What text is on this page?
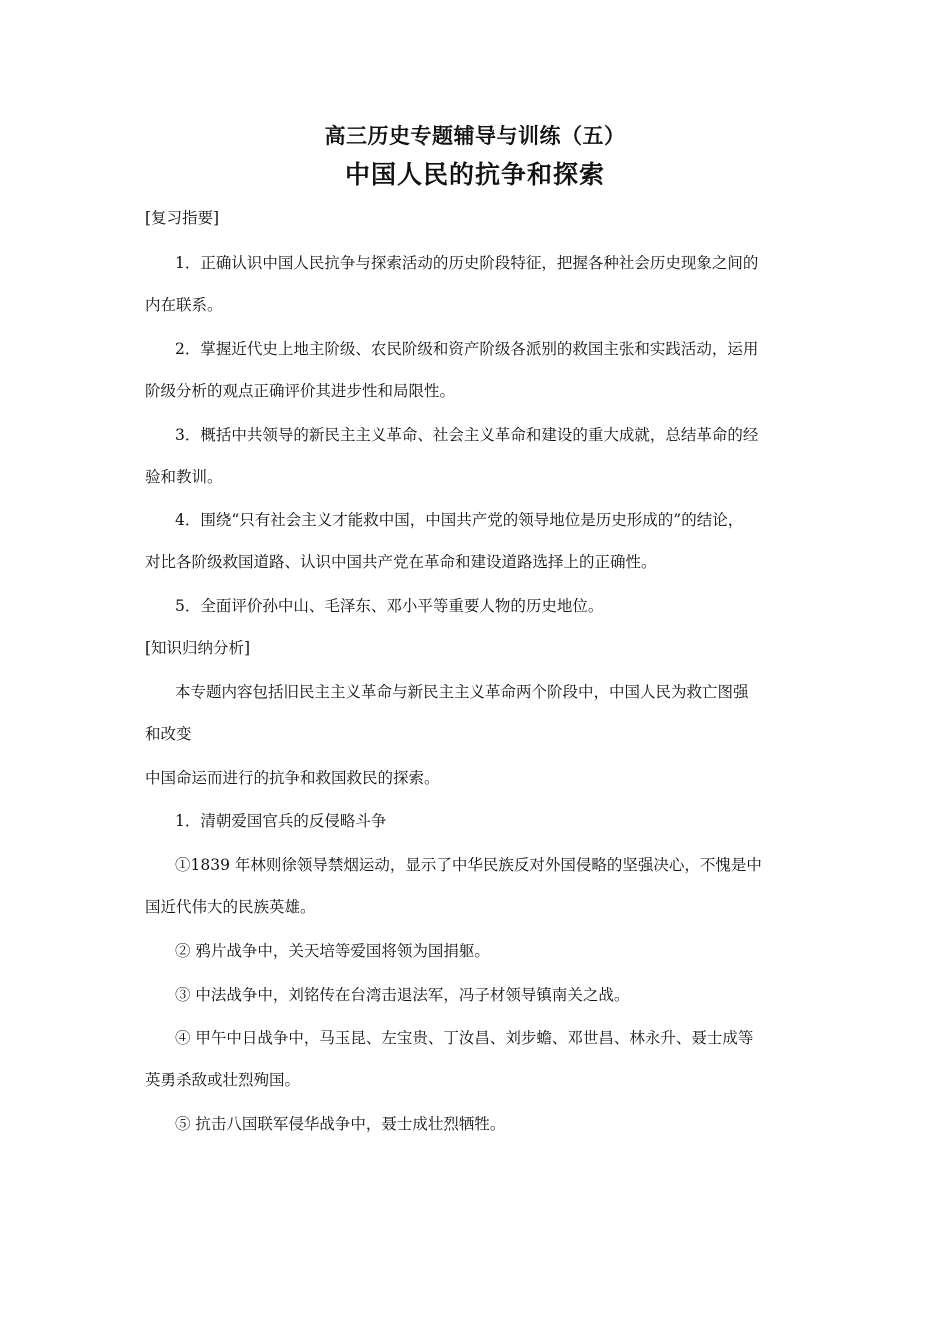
高三历史专题辅导与训练（五）
中国人民的抗争和探索
[复习指要]
1．正确认识中国人民抗争与探索活动的历史阶段特征，把握各种社会历史现象之间的
内在联系。
2．掌握近代史上地主阶级、农民阶级和资产阶级各派别的救国主张和实践活动，运用
阶级分析的观点正确评价其进步性和局限性。
3．概括中共领导的新民主主义革命、社会主义革命和建设的重大成就，总结革命的经
验和教训。
4．围绕“只有社会主义才能救中国，中国共产党的领导地位是历史形成的”的结论，
对比各阶级救国道路、认识中国共产党在革命和建设道路选择上的正确性。
5．全面评价孙中山、毛泽东、邓小平等重要人物的历史地位。
[知识归纳分析]
本专题内容包括旧民主主义革命与新民主主义革命两个阶段中，中国人民为救亡图强
和改变
中国命运而进行的抗争和救国救民的探索。
1．清朝爱国官兵的反侵略斗争
①1839 年林则徐领导禁烟运动，显示了中华民族反对外国侵略的坚强决心，不愧是中
国近代伟大的民族英雄。
② 鸦片战争中，关天培等爱国将领为国捐躯。
③ 中法战争中，刘铭传在台湾击退法军，冯子材领导镇南关之战。
④ 甲午中日战争中，马玉昆、左宝贵、丁汝昌、刘步蟾、邓世昌、林永升、聂士成等
英勇杀敌或壮烈殉国。
⑤ 抗击八国联军侵华战争中，聂士成壮烈牺牲。
